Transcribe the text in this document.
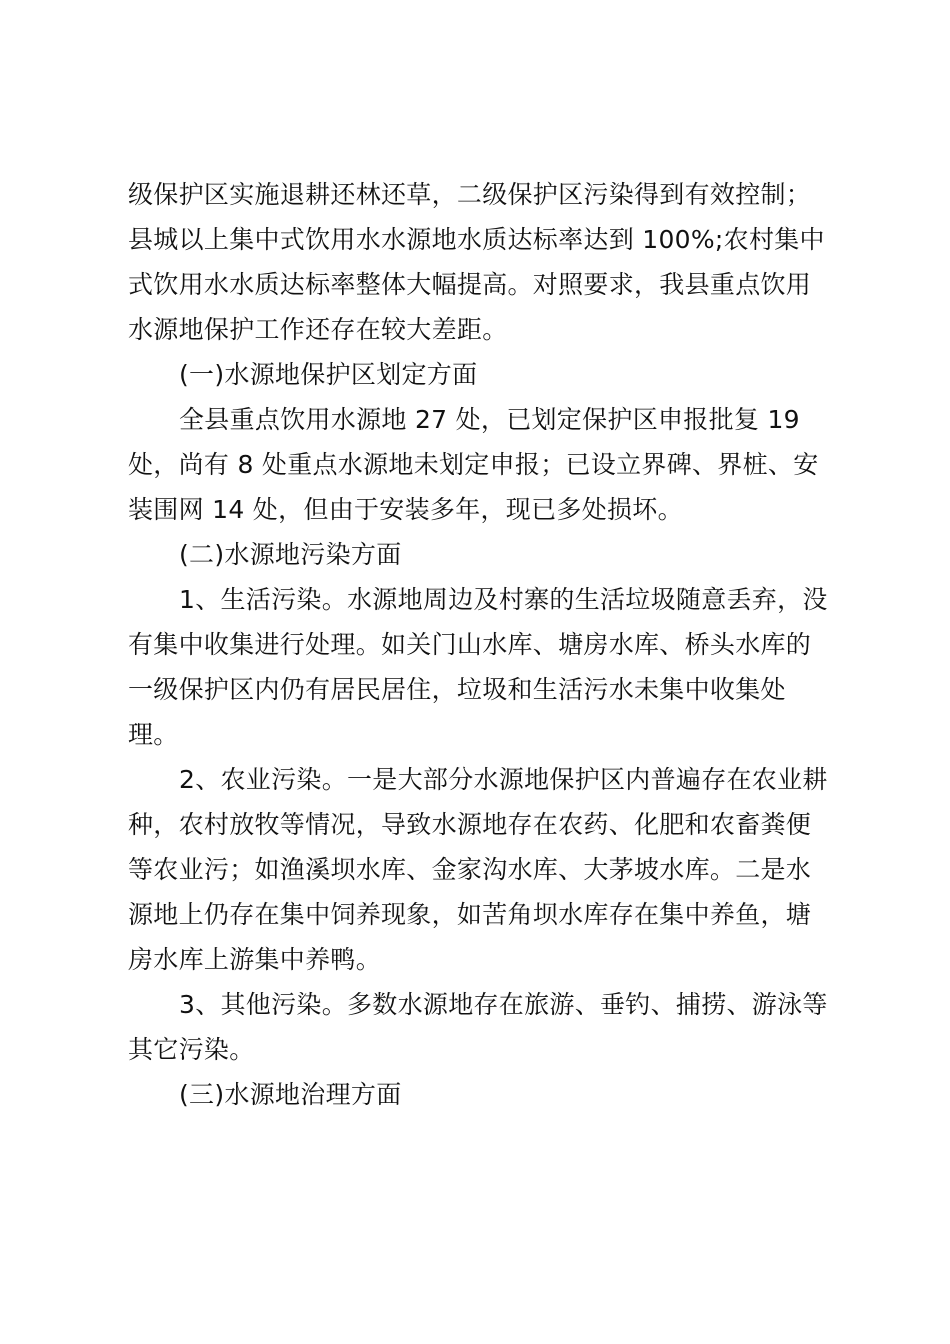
级保护区实施退耕还林还草，二级保护区污染得到有效控制；
县城以上集中式饮用水水源地水质达标率达到 100%;农村集中
式饮用水水质达标率整体大幅提高。对照要求，我县重点饮用
水源地保护工作还存在较大差距。
(一)水源地保护区划定方面
全县重点饮用水源地 27 处，已划定保护区申报批复 19
处，尚有 8 处重点水源地未划定申报；已设立界碑、界桩、安
装围网 14 处，但由于安装多年，现已多处损坏。
(二)水源地污染方面
1、生活污染。水源地周边及村寨的生活垃圾随意丢弃，没
有集中收集进行处理。如关门山水库、塘房水库、桥头水库的
一级保护区内仍有居民居住，垃圾和生活污水未集中收集处
理。
2、农业污染。一是大部分水源地保护区内普遍存在农业耕
种，农村放牧等情况，导致水源地存在农药、化肥和农畜粪便
等农业污；如渔溪坝水库、金家沟水库、大茅坡水库。二是水
源地上仍存在集中饲养现象，如苦角坝水库存在集中养鱼，塘
房水库上游集中养鸭。
3、其他污染。多数水源地存在旅游、垂钓、捕捞、游泳等
其它污染。
(三)水源地治理方面
